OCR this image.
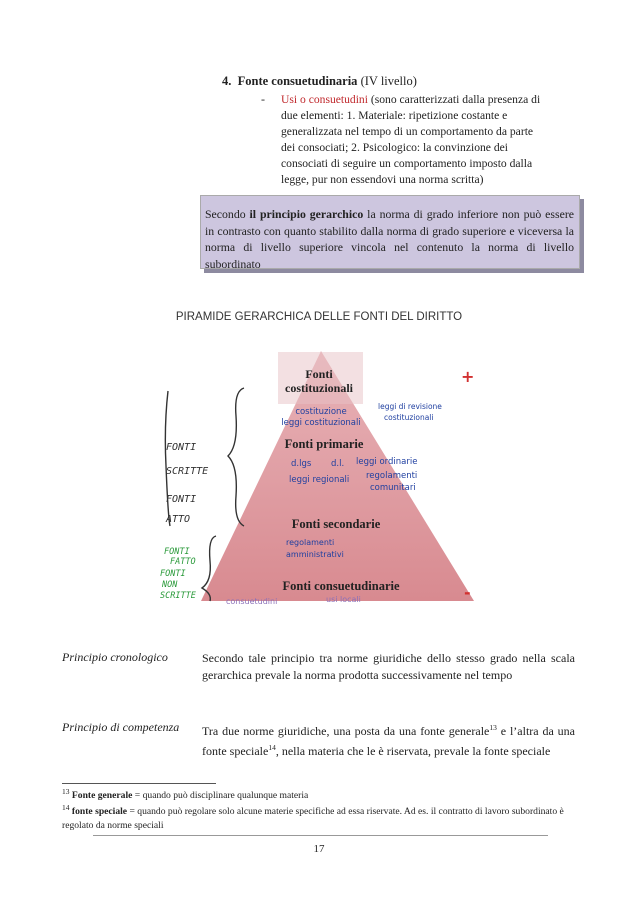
4. Fonte consuetudinaria (IV livello)
- Usi o consuetudini (sono caratterizzati dalla presenza di
due elementi: 1. Materiale: ripetizione costante e
generalizzata nel tempo di un comportamento da parte
dei consociati; 2. Psicologico: la convinzione dei
consociati di seguire un comportamento imposto dalla
legge, pur non essendovi una norma scritta)
Secondo il principio gerarchico la norma di grado inferiore non può essere in contrasto con quanto stabilito dalla norma di grado superiore e viceversa la norma di livello superiore vincola nel contenuto la norma di livello subordinato
PIRAMIDE GERARCHICA DELLE FONTI DEL DIRITTO
Fonti
costituzionali
Fonti primarie
Fonti secondarie
Fonti consuetudinarie
costituzione
leggi costituzionali
leggi di revisione
costituzionali
d.lgs d.l. leggi ordinarie
leggi regionali regolamenti
comunitari
regolamenti
amministrativi
consuetudini	usi locali
FONTI
SCRITTE
FONTI
ATTO
FONTI
FATTO
FONTI
NON
SCRITTE
+
-
Principio cronologico	Secondo tale principio tra norme giuridiche dello stesso grado nella scala gerarchica prevale la norma prodotta successivamente nel tempo
Principio di competenza Tra due norme giuridiche, una posta da una fonte generale$^{13}$ e l’altra da una fonte speciale$^{14}$, nella materia che le è riservata, prevale la fonte speciale
$^{13}$ Fonte generale = quando può disciplinare qualunque materia
$^{14}$ fonte speciale = quando può regolare solo alcune materie specifiche ad essa riservate. Ad es. il contratto di lavoro subordinato è regolato da norme speciali
17
